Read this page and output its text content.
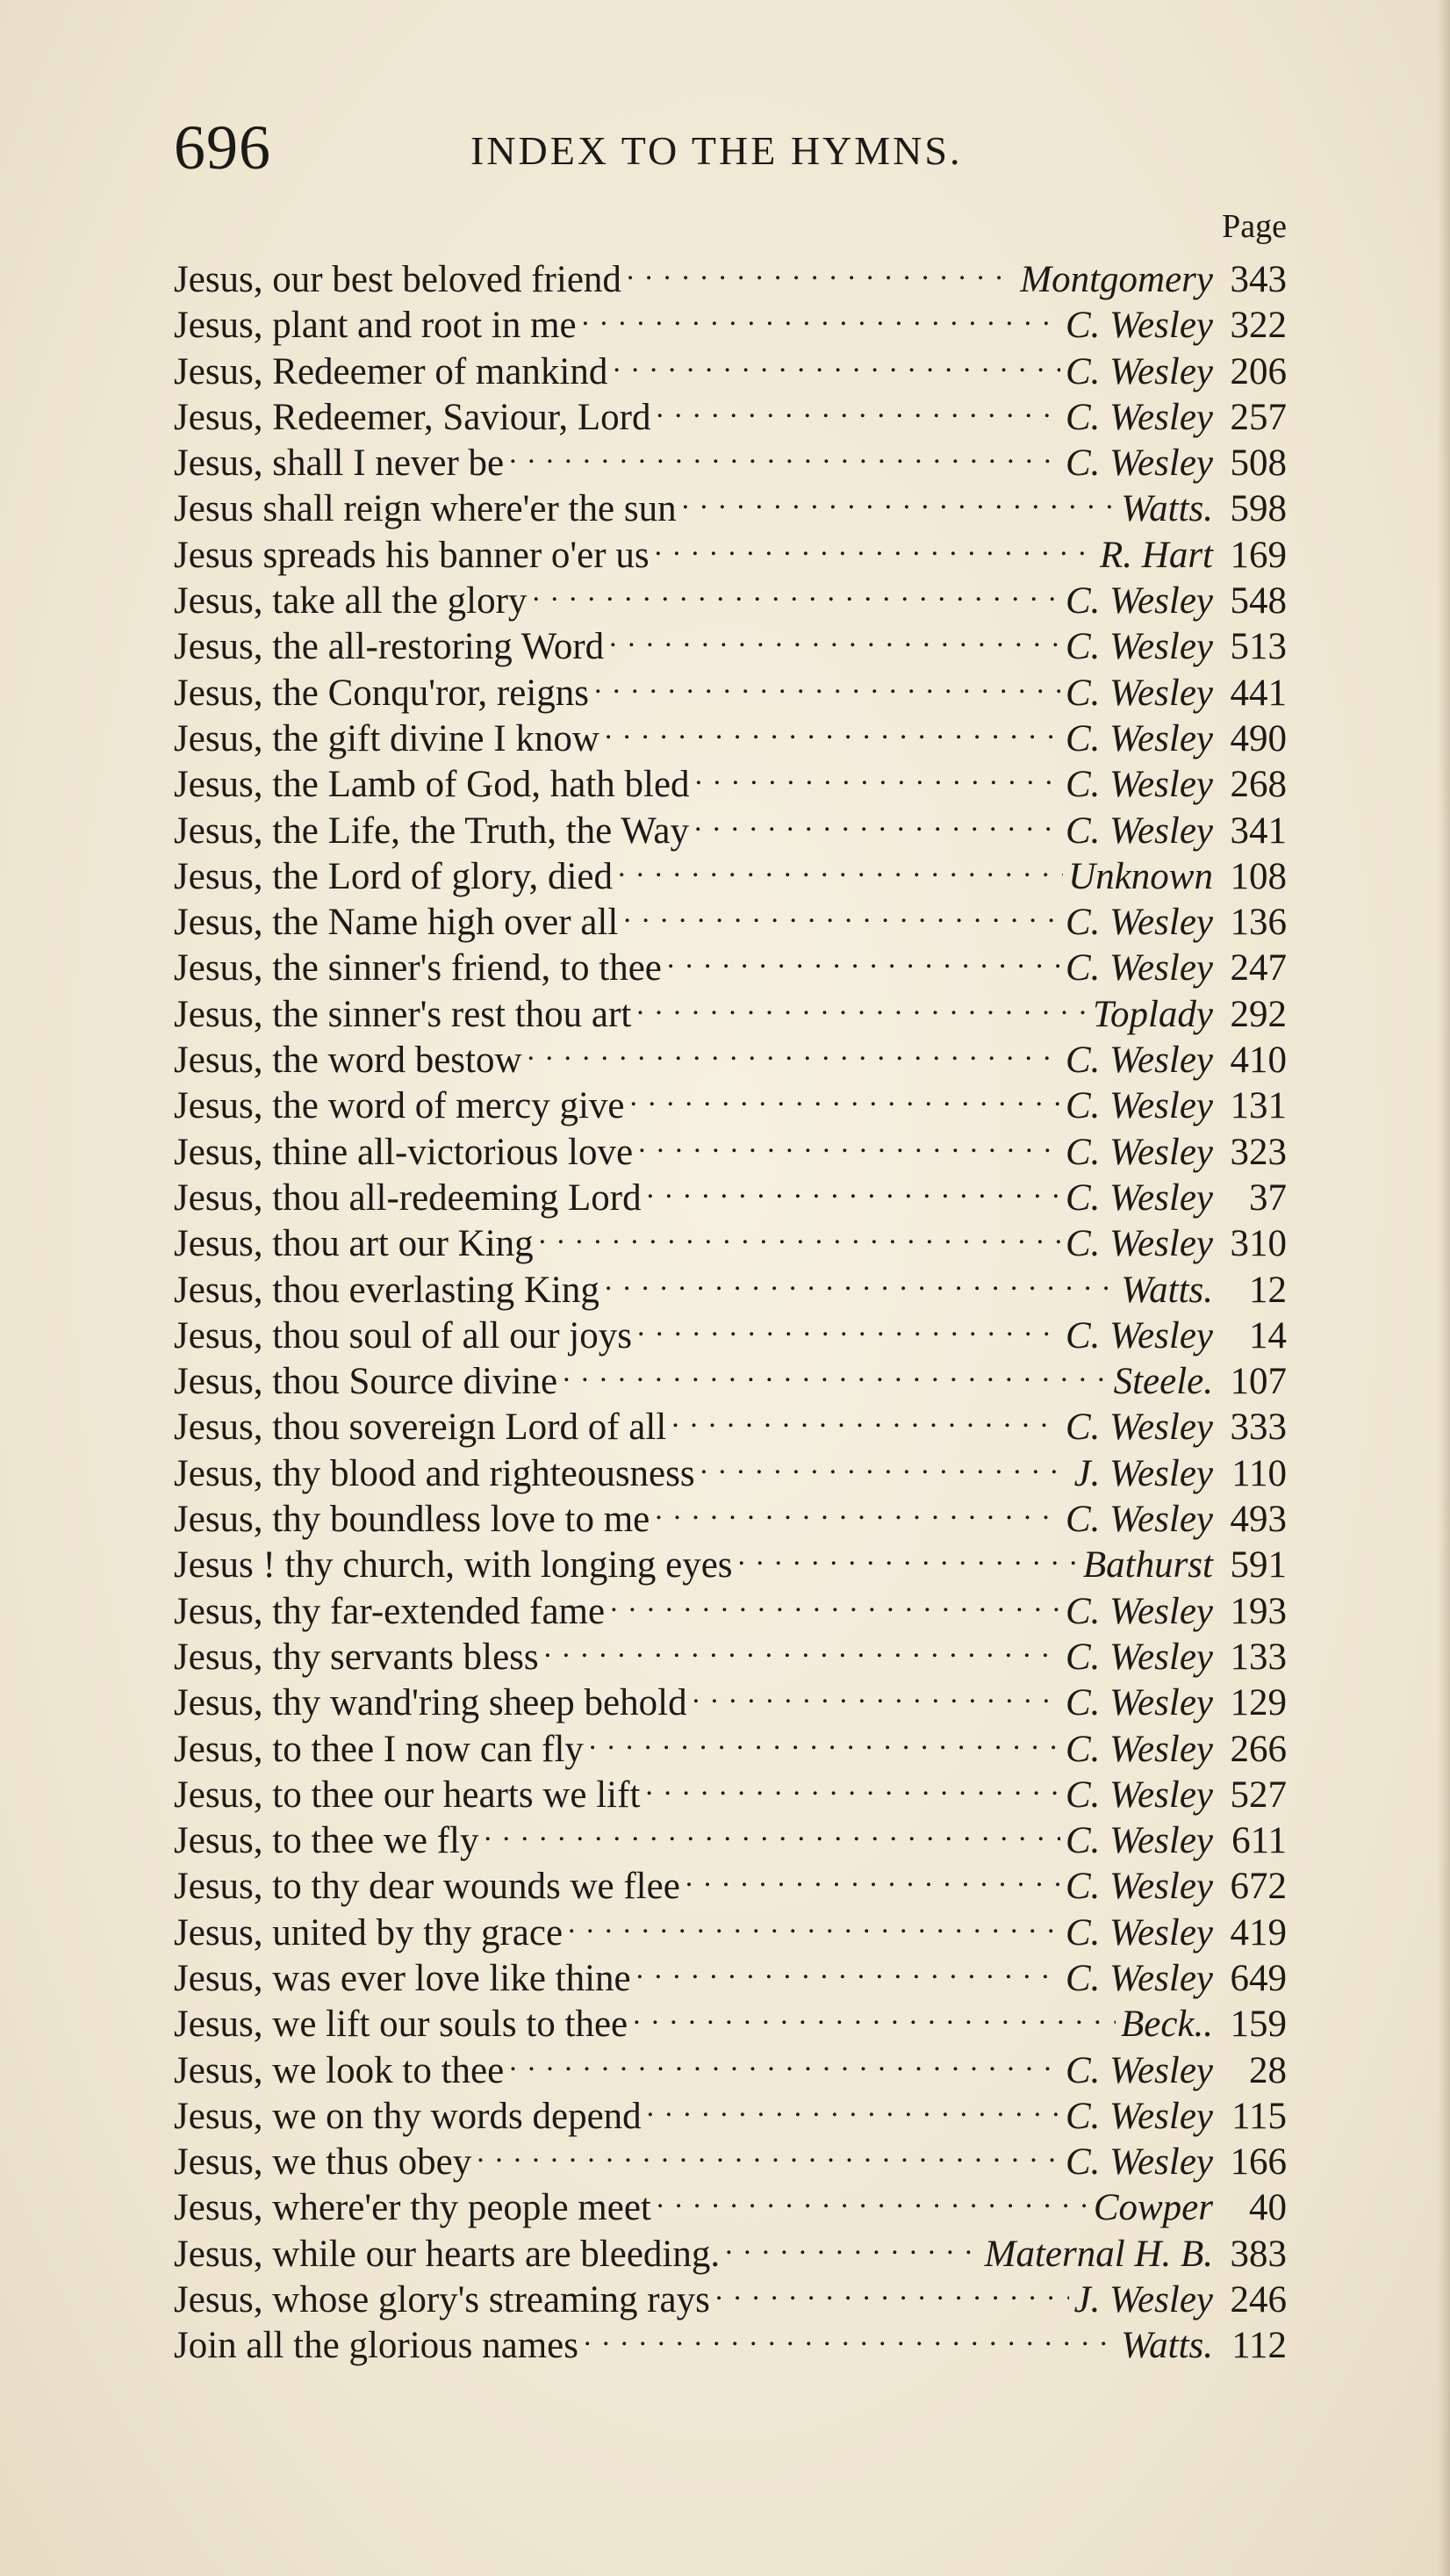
696	INDEX TO THE HYMNS.
Page
Jesus, our best beloved friend . . .	Montgomery 343
Jesus, plant and root in me . . .	C. Wesley 322
Jesus, Redeemer of mankind . . .	C. Wesley 206
Jesus, Redeemer, Saviour, Lord . . .	C. Wesley 257
Jesus, shall I never be . . .	C. Wesley 508
Jesus shall reign where'er the sun . . .	Watts. 598
Jesus spreads his banner o'er us . . .	R. Hart 169
Jesus, take all the glory . . .	C. Wesley 548
Jesus, the all-restoring Word . . .	C. Wesley 513
Jesus, the Conqu'ror, reigns . . .	C. Wesley 441
Jesus, the gift divine I know . . .	C. Wesley 490
Jesus, the Lamb of God, hath bled . . .	C. Wesley 268
Jesus, the Life, the Truth, the Way . . .	C. Wesley 341
Jesus, the Lord of glory, died . . .	Unknown 108
Jesus, the Name high over all . . .	C. Wesley 136
Jesus, the sinner's friend, to thee . . .	C. Wesley 247
Jesus, the sinner's rest thou art . . .	Toplady 292
Jesus, the word bestow . . .	C. Wesley 410
Jesus, the word of mercy give . . .	C. Wesley 131
Jesus, thine all-victorious love . . .	C. Wesley 323
Jesus, thou all-redeeming Lord . . .	C. Wesley 37
Jesus, thou art our King . . .	C. Wesley 310
Jesus, thou everlasting King . . .	Watts. 12
Jesus, thou soul of all our joys . . .	C. Wesley 14
Jesus, thou Source divine . . .	Steele. 107
Jesus, thou sovereign Lord of all . . .	C. Wesley 333
Jesus, thy blood and righteousness . . .	J. Wesley 110
Jesus, thy boundless love to me . . .	C. Wesley 493
Jesus ! thy church, with longing eyes . . .	Bathurst 591
Jesus, thy far-extended fame . . .	C. Wesley 193
Jesus, thy servants bless . . .	C. Wesley 133
Jesus, thy wand'ring sheep behold . . .	C. Wesley 129
Jesus, to thee I now can fly . . .	C. Wesley 266
Jesus, to thee our hearts we lift . . .	C. Wesley 527
Jesus, to thee we fly . . .	C. Wesley 611
Jesus, to thy dear wounds we flee . . .	C. Wesley 672
Jesus, united by thy grace . . .	C. Wesley 419
Jesus, was ever love like thine . . .	C. Wesley 649
Jesus, we lift our souls to thee . . .	Beck.. 159
Jesus, we look to thee . . .	C. Wesley 28
Jesus, we on thy words depend . . .	C. Wesley 115
Jesus, we thus obey . . .	C. Wesley 166
Jesus, where'er thy people meet . . .	Cowper 40
Jesus, while our hearts are bleeding. . . .	Maternal H. B. 383
Jesus, whose glory's streaming rays . . .	J. Wesley 246
Join all the glorious names . . .	Watts. 112
